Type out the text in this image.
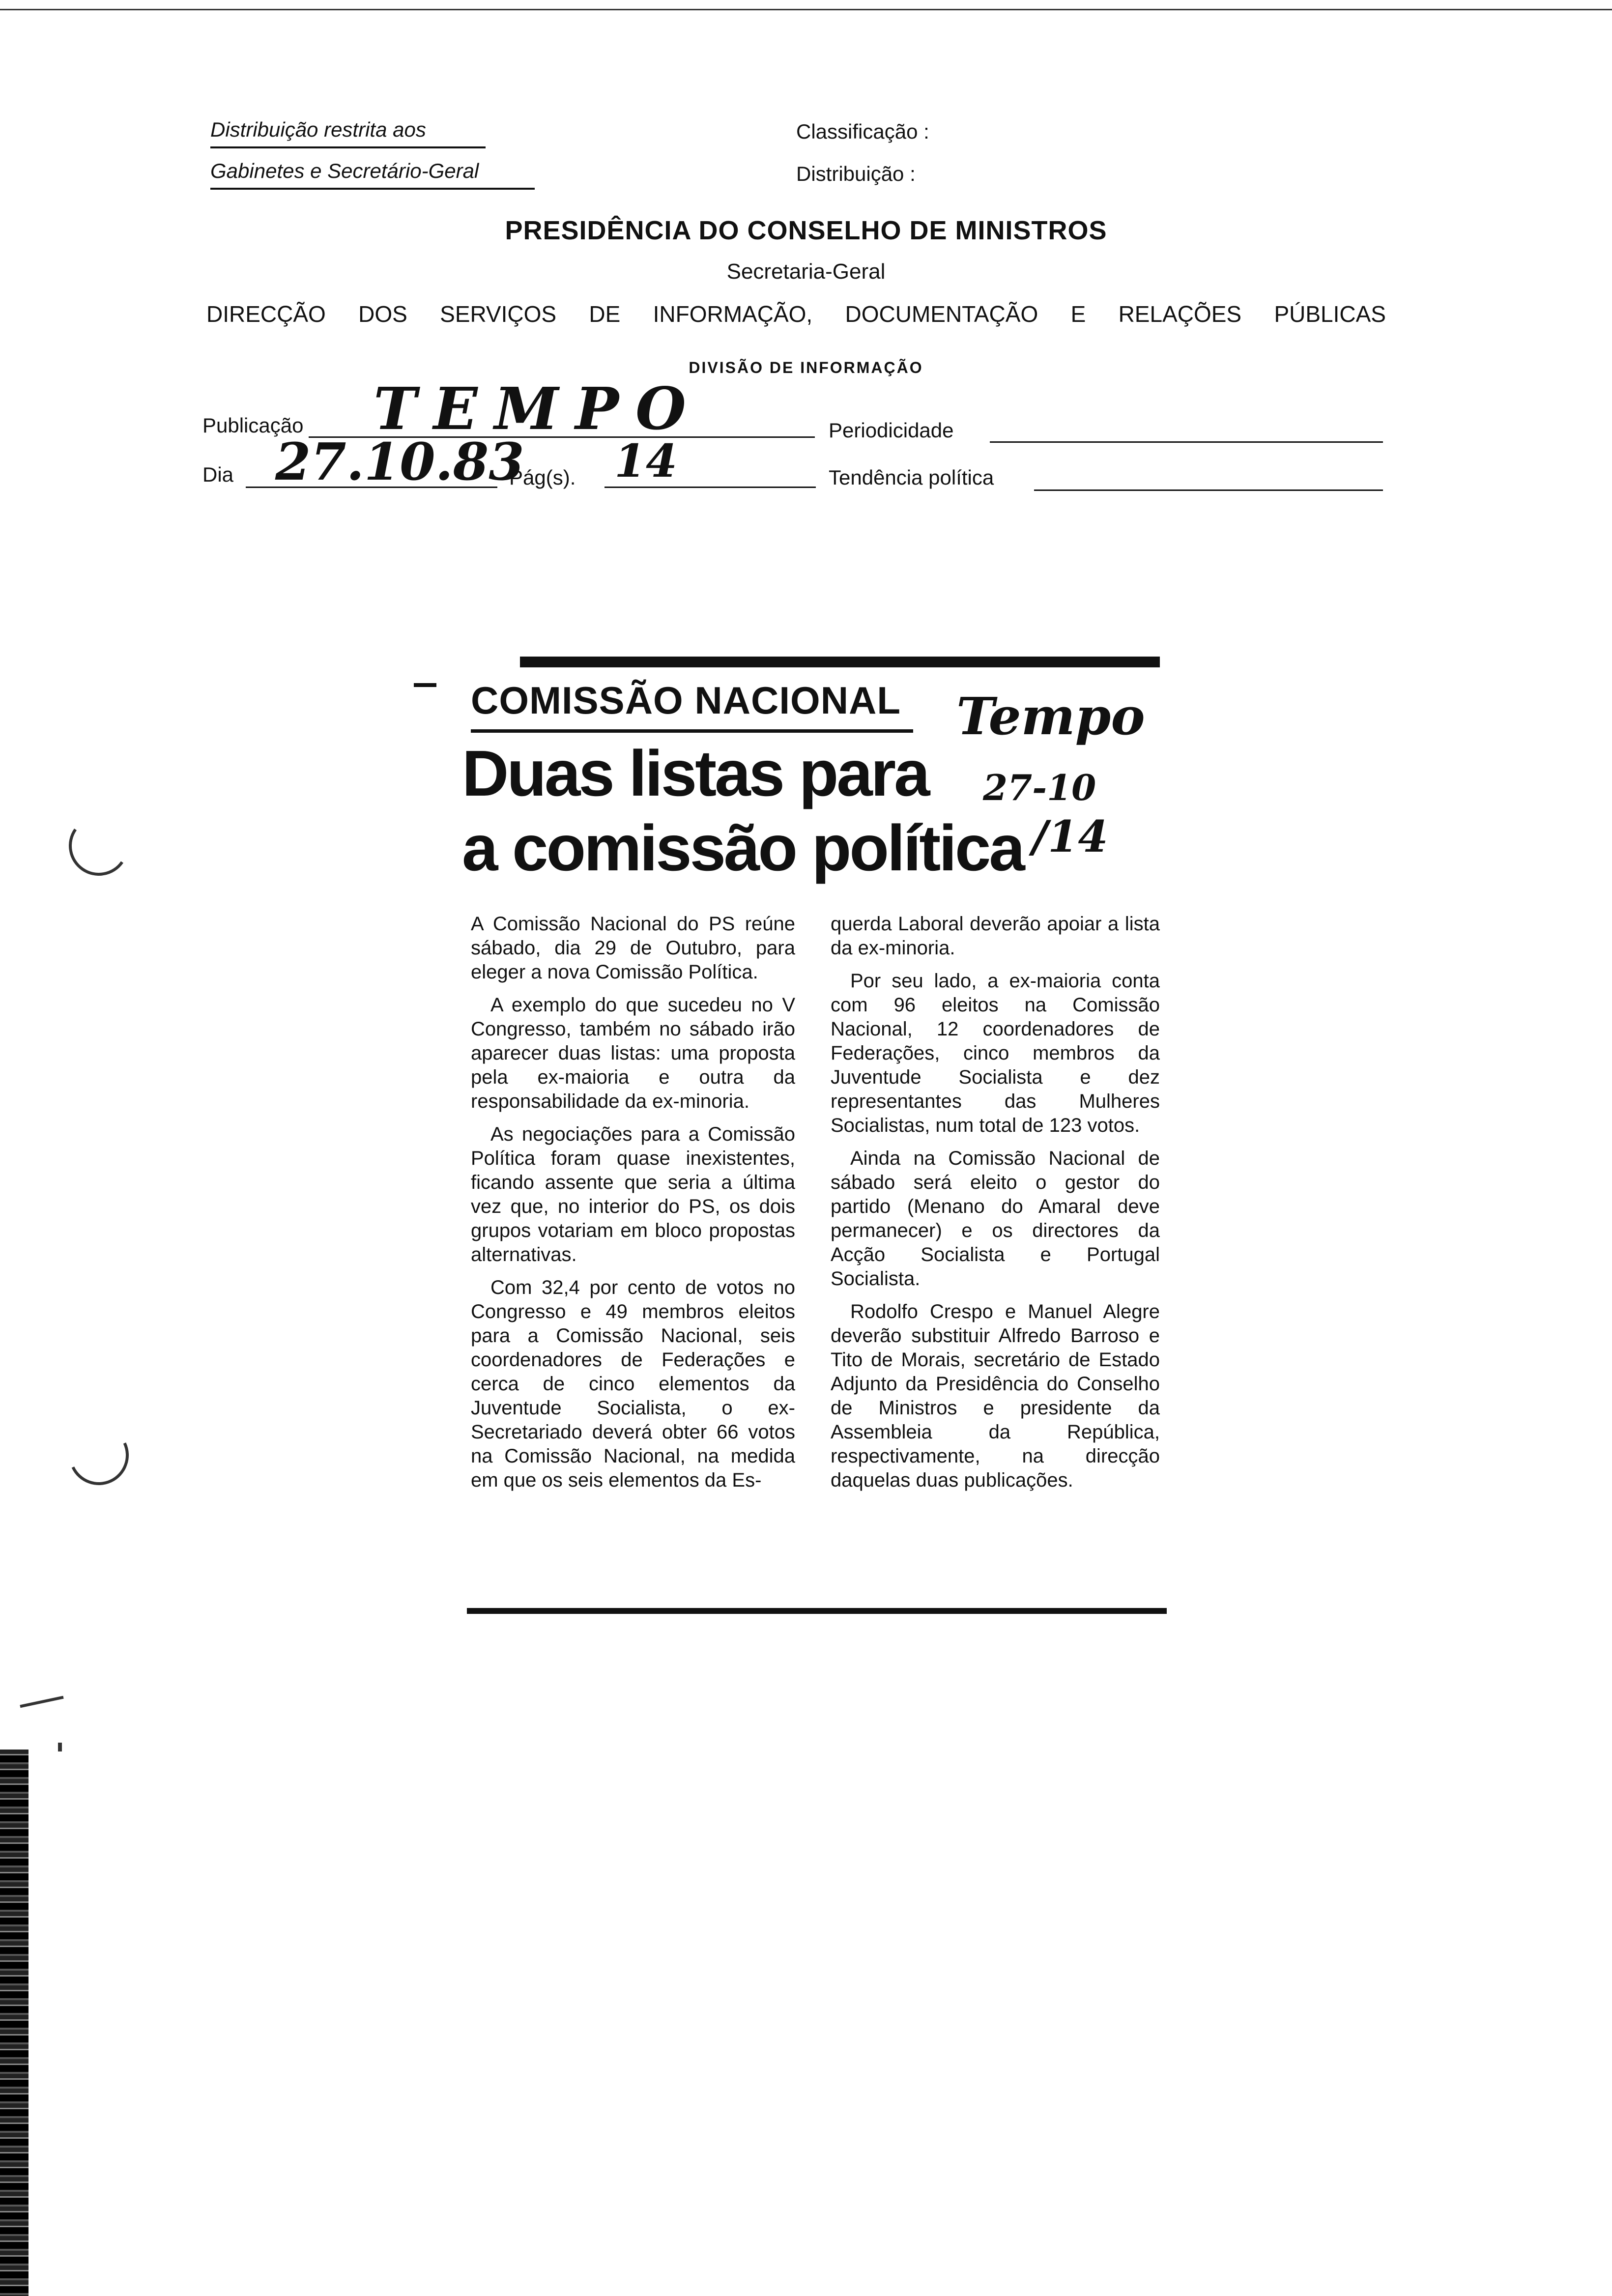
Distribuição restrita aos
Gabinetes e Secretário-Geral
Classificação :
Distribuição :
PRESIDÊNCIA DO CONSELHO DE MINISTROS
Secretaria-Geral
DIRECÇÃO DOS SERVIÇOS DE INFORMAÇÃO, DOCUMENTAÇÃO E RELAÇÕES PÚBLICAS
DIVISÃO DE INFORMAÇÃO
Publicação TEMPO
Dia 27.10.83
Pág(s). 14
Periodicidade
Tendência política
COMISSÃO NACIONAL
Duas listas para
a comissão política
Tempo
27-10
/14

A Comissão Nacional do PS reúne sábado, dia 29 de Outubro, para eleger a nova Comissão Política.

A exemplo do que sucedeu no V Congresso, também no sábado irão aparecer duas listas: uma proposta pela ex-maioria e outra da responsabilidade da ex-minoria.

As negociações para a Comissão Política foram quase inexistentes, ficando assente que seria a última vez que, no interior do PS, os dois grupos votariam em bloco propostas alternativas.

Com 32,4 por cento de votos no Congresso e 49 membros eleitos para a Comissão Nacional, seis coordenadores de Federações e cerca de cinco elementos da Juventude Socialista, o ex-Secretariado deverá obter 66 votos na Comissão Nacional, na medida em que os seis elementos da Es-

querda Laboral deverão apoiar a lista da ex-minoria.

Por seu lado, a ex-maioria conta com 96 eleitos na Comissão Nacional, 12 coordenadores de Federações, cinco membros da Juventude Socialista e dez representantes das Mulheres Socialistas, num total de 123 votos.

Ainda na Comissão Nacional de sábado será eleito o gestor do partido (Menano do Amaral deve permanecer) e os directores da Acção Socialista e Portugal Socialista.

Rodolfo Crespo e Manuel Alegre deverão substituir Alfredo Barroso e Tito de Morais, secretário de Estado Adjunto da Presidência do Conselho de Ministros e presidente da Assembleia da República, respectivamente, na direcção daquelas duas publicações.
